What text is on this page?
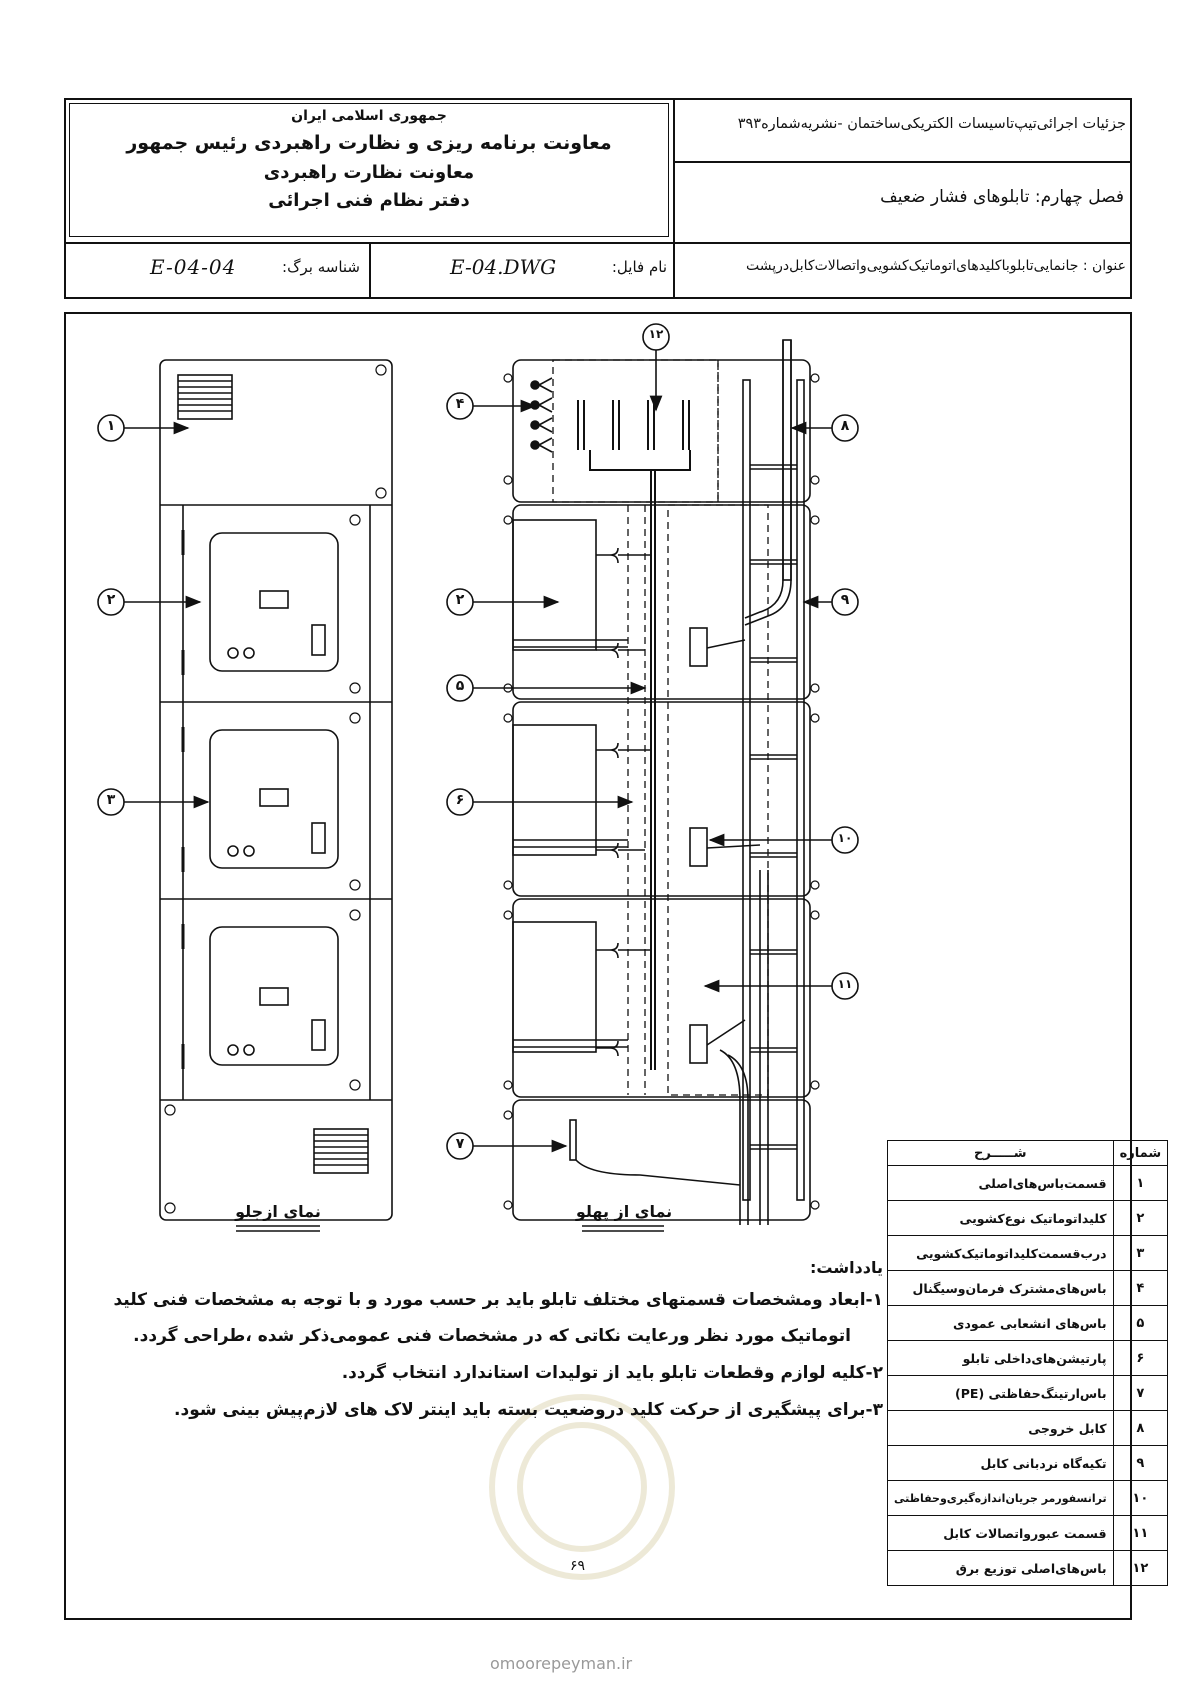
جمهوری اسلامی ایران
معاونت برنامه ریزی و نظارت راهبردی رئیس جمهور
معاونت نظارت راهبردی
دفتر نظام فنی اجرائی
جزئیات اجرائی‌تیپ‌تاسیسات الکتریکی‌ساختمان -نشریه‌شماره۳۹۳
فصل چهارم: تابلوهای فشار ضعیف
عنوان : جانمایی‌تابلوباکلیدهای‌اتوماتیک‌کشویی‌واتصالات‌کابل‌درپشت
نام فایل:
E-04.DWG
شناسه برگ:
E-04-04
۱
۲
۳
۴
۲
۵
۶
۷
۱۲
۸
۹
۱۰
۱۱
نمای ازجلو	نمای از پهلو
یادداشت:
۱-ابعاد ومشخصات قسمتهای مختلف تابلو باید بر حسب مورد و با توجه به مشخصات فنی کلید
اتوماتیک مورد نظر ورعایت نکاتی که در مشخصات فنی عمومی‌ذکر شده ،طراحی گردد.
۲-کلیه لوازم وقطعات تابلو باید از تولیدات استاندارد انتخاب گردد.
۳-برای پیشگیری از حرکت کلید درو‌ضعیت بسته باید اینتر لاک های لازم‌پیش بینی شود.
شماره	شـــــرح
۱	قسمت‌باس‌های‌اصلی
۲	کلیداتوماتیک نوع‌کشویی
۳	درب‌قسمت‌کلیداتوماتیک‌کشویی
۴	باس‌های‌مشترک فرمان‌وسیگنال
۵	باس‌های انشعابی عمودی
۶	پارتیشن‌های‌داخلی تابلو
۷	باس‌ارتینگ‌حفاظتی (PE)
۸	کابل خروجی
۹	تکیه‌گاه نردبانی کابل
۱۰	ترانسفورمر جریان‌اندازه‌گیری‌وحفاظتی
۱۱	قسمت عبورواتصالات کابل
۱۲	باس‌های‌اصلی توزیع برق
۶۹
omoorepeyman.ir
